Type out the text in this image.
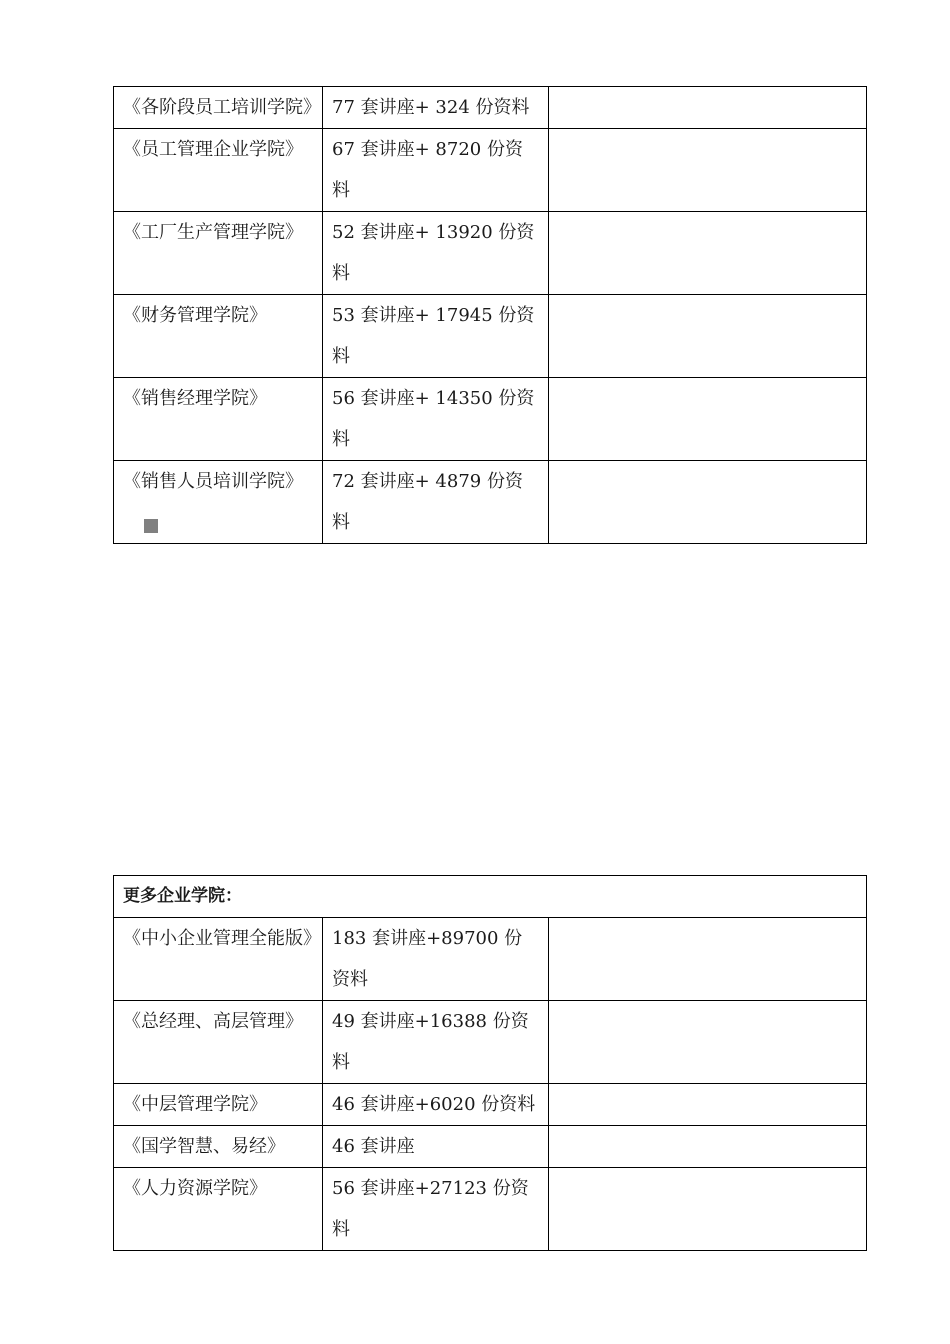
《各阶段员工培训学院》	77 套讲座+ 324 份资料	
《员工管理企业学院》	67 套讲座+ 8720 份资料	
《工厂生产管理学院》	52 套讲座+ 13920 份资料	
《财务管理学院》	53 套讲座+ 17945 份资料	
《销售经理学院》	56 套讲座+ 14350 份资料	
《销售人员培训学院》	72 套讲座+ 4879 份资料	
更多企业学院：		
《中小企业管理全能版》	183 套讲座+89700 份资料	
《总经理、高层管理》	49 套讲座+16388 份资料	
《中层管理学院》	46 套讲座+6020 份资料	
《国学智慧、易经》	46 套讲座	
《人力资源学院》	56 套讲座+27123 份资料	
